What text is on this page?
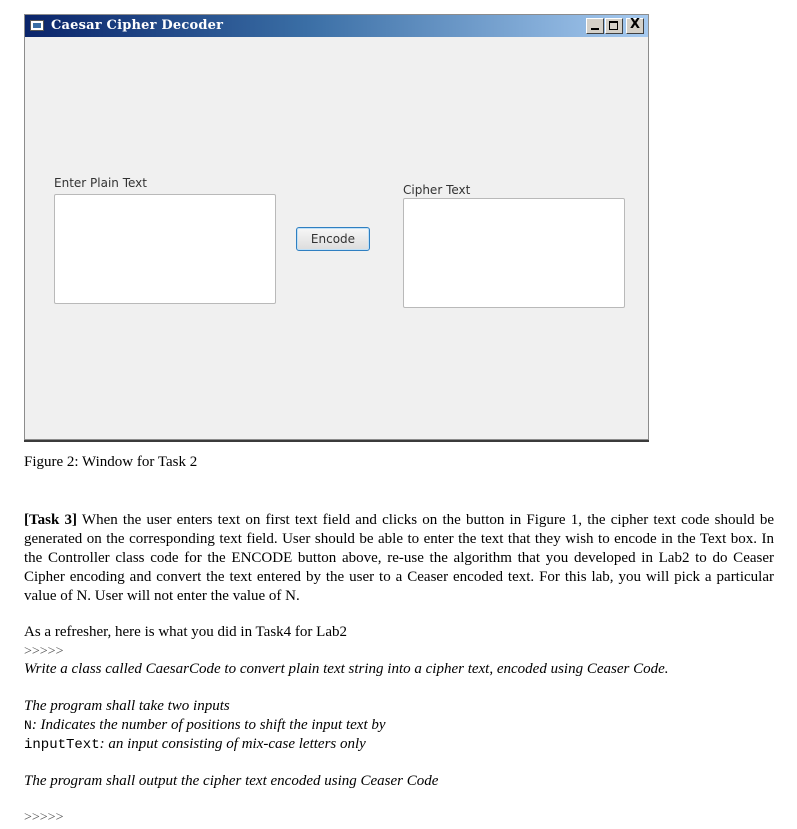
Caesar Cipher Decoder	X
Enter Plain Text
Encode
Cipher Text
Figure 2: Window for Task 2
[Task 3] When the user enters text on first text field and clicks on the button in Figure 1, the cipher text code should be generated on the corresponding text field. User should be able to enter the text that they wish to encode in the Text box. In the Controller class code for the ENCODE button above, re-use the algorithm that you developed in Lab2 to do Ceaser Cipher encoding and convert the text entered by the user to a Ceaser encoded text. For this lab, you will pick a particular value of N. User will not enter the value of N.
As a refresher, here is what you did in Task4 for Lab2
>>>>>
Write a class called CaesarCode to convert plain text string into a cipher text, encoded using Ceaser Code.
The program shall take two inputs
N: Indicates the number of positions to shift the input text by
inputText: an input consisting of mix-case letters only
The program shall output the cipher text encoded using Ceaser Code
>>>>>
